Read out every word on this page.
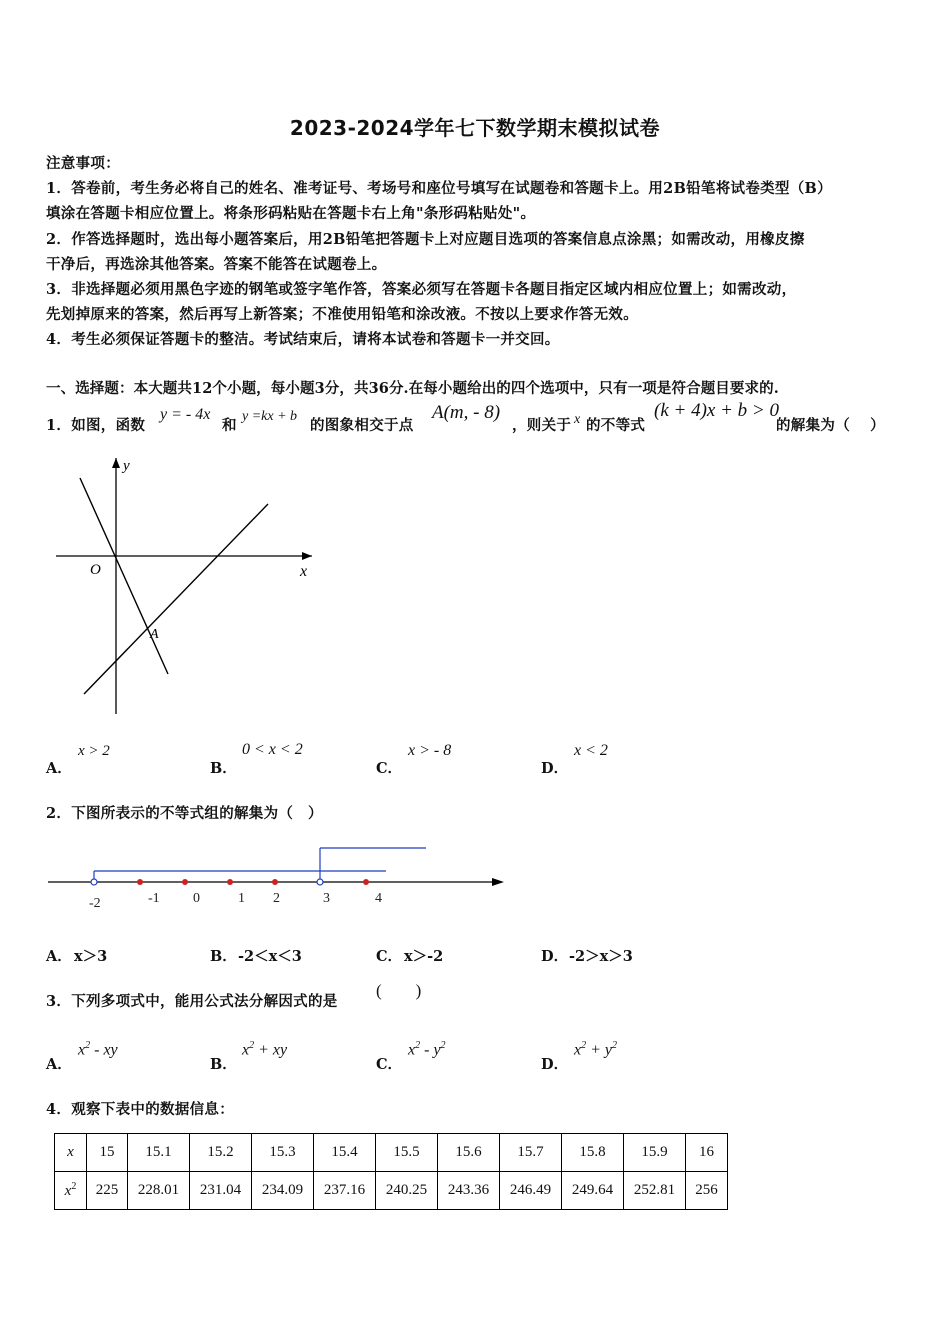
2023-2024学年七下数学期末模拟试卷
注意事项：
1．答卷前，考生务必将自己的姓名、准考证号、考场号和座位号填写在试题卷和答题卡上。用2B铅笔将试卷类型（B）
填涂在答题卡相应位置上。将条形码粘贴在答题卡右上角"条形码粘贴处"。
2．作答选择题时，选出每小题答案后，用2B铅笔把答题卡上对应题目选项的答案信息点涂黑；如需改动，用橡皮擦
干净后，再选涂其他答案。答案不能答在试题卷上。
3．非选择题必须用黑色字迹的钢笔或签字笔作答，答案必须写在答题卡各题目指定区域内相应位置上；如需改动，
先划掉原来的答案，然后再写上新答案；不准使用铅笔和涂改液。不按以上要求作答无效。
4．考生必须保证答题卡的整洁。考试结束后，请将本试卷和答题卡一并交回。
一、选择题：本大题共12个小题，每小题3分，共36分.在每小题给出的四个选项中，只有一项是符合题目要求的.
1．如图，函数
y = - 4x
和
y =kx + b
的图象相交于点
A(m, - 8)
，则关于 x 的不等式
(k + 4)x + b > 0
的解集为（　 ）
y
O	x
A
A．
x > 2
B．
0 < x < 2
C．
x > - 8
D．
x < 2
2．下图所表示的不等式组的解集为（　）
-2	-1 0	1 2	3	4
A． x＞3	B． -2＜x＜3	C． x＞-2	D． -2＞x＞3
3．下列多项式中，能用公式法分解因式的是
(　　)
A．
$x^2$ - xy
B．
$x^2$ + xy
C．
$x^2 - y^2$
D．
$x^2 + y^2$
4．观察下表中的数据信息：
x	15	15.1	15.2	15.3	15.4	15.5	15.6	15.7	15.8	15.9	16
$x^2$	225	228.01	231.04	234.09	237.16	240.25	243.36	246.49	249.64	252.81	256
